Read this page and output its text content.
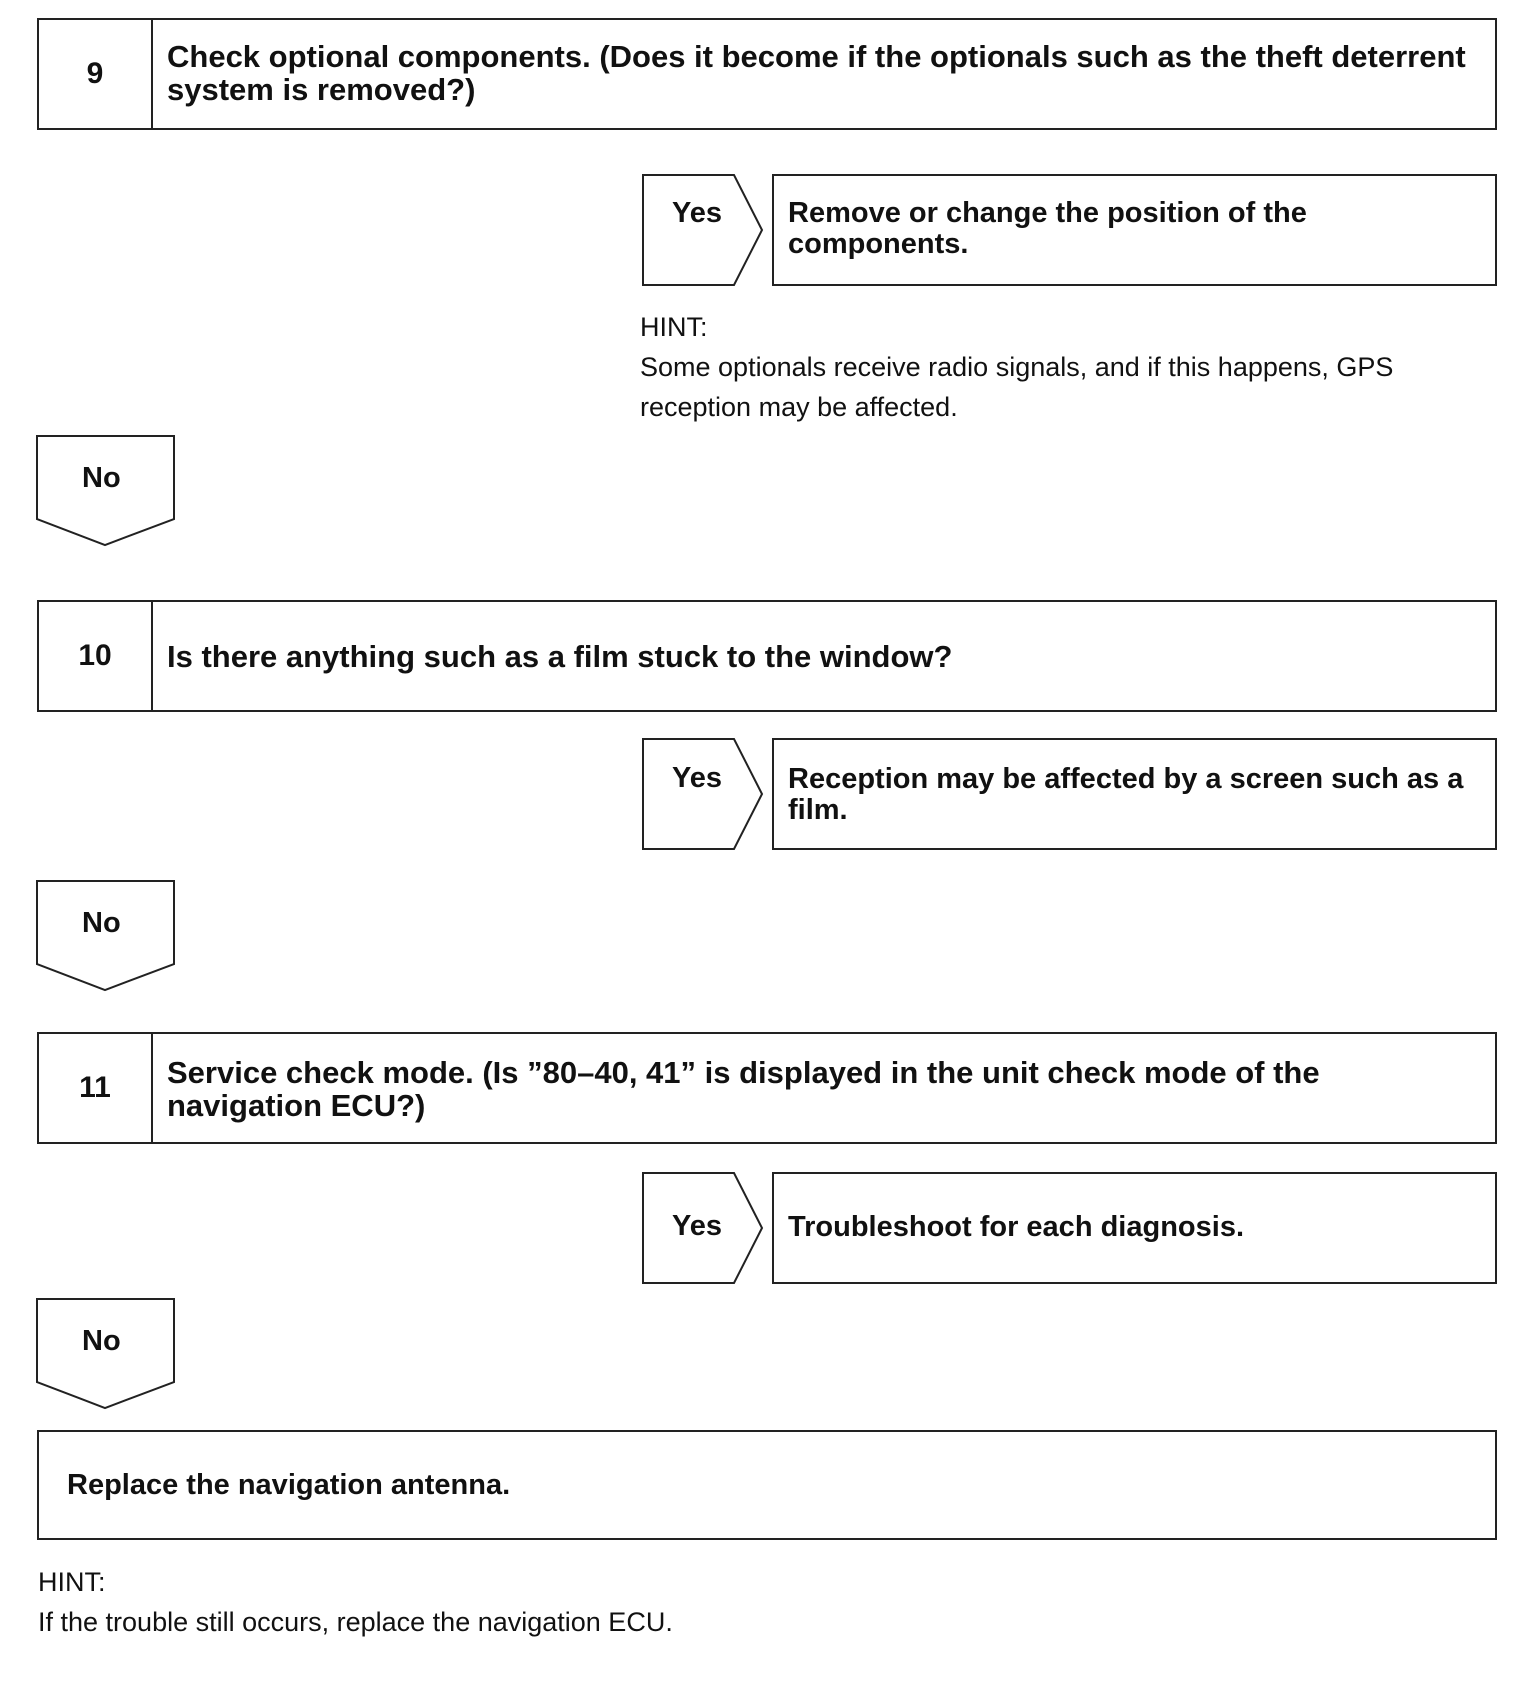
9	Check optional components. (Does it become if the optionals such as the theft deterrent system is removed?)
Yes Remove or change the position of the components.
HINT:
Some optionals receive radio signals, and if this happens, GPS
reception may be affected.
No
10	Is there anything such as a film stuck to the window?
Yes Reception may be affected by a screen such as a film.
No
11	Service check mode. (Is ”80–40, 41” is displayed in the unit check mode of the navigation ECU?)
Yes Troubleshoot for each diagnosis.
No
Replace the navigation antenna.
HINT:
If the trouble still occurs, replace the navigation ECU.
